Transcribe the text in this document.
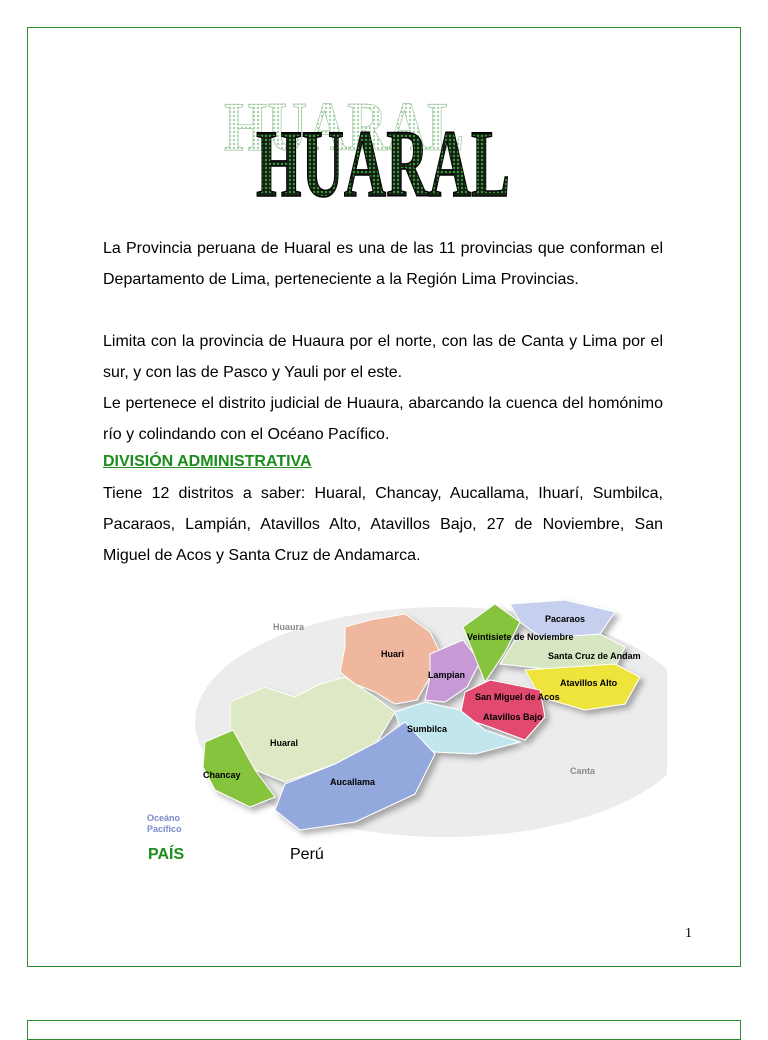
HUARAL
HUARAL
La Provincia peruana de Huaral es una de las 11 provincias que conforman el Departamento de Lima, perteneciente a la Región Lima Provincias.
Limita con la provincia de Huaura por el norte, con las de Canta y Lima por el sur, y con las de Pasco y Yauli por el este.
Le pertenece el distrito judicial de Huaura, abarcando la cuenca del homónimo río y colindando con el Océano Pacífico.
DIVISIÓN ADMINISTRATIVA
Tiene 12 distritos a saber: Huaral, Chancay, Aucallama, Ihuarí, Sumbilca, Pacaraos, Lampián, Atavillos Alto, Atavillos Bajo, 27 de Noviembre, San Miguel de Acos y Santa Cruz de Andamarca.
Huaura
Canta
Oceáno
Pacífico
Huari
Lampian
Veintisiete de Noviembre
Pacaraos
Santa Cruz de Andam
Atavillos Alto
San Miguel de Acos
Atavillos Bajo
Sumbilca
Huaral
Chancay
Aucallama
PAÍS	Perú
1
